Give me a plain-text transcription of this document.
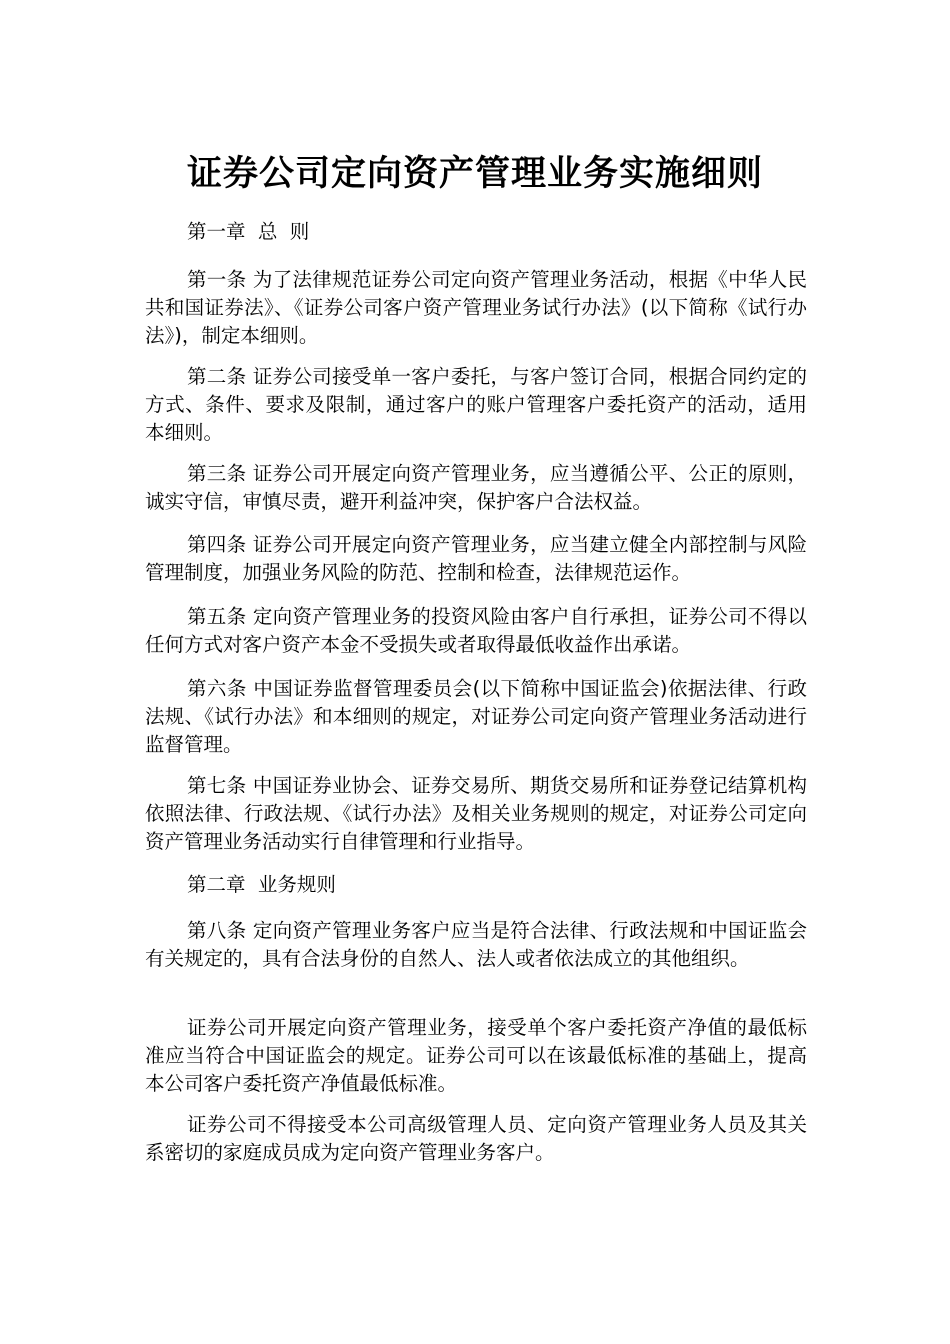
证券公司定向资产管理业务实施细则
第一章  总  则

第一条 为了法律规范证券公司定向资产管理业务活动，根据《中华人民共和国证券法》、《证券公司客户资产管理业务试行办法》(以下简称《试行办法》)，制定本细则。

第二条 证券公司接受单一客户委托，与客户签订合同，根据合同约定的方式、条件、要求及限制，通过客户的账户管理客户委托资产的活动，适用本细则。

第三条 证券公司开展定向资产管理业务，应当遵循公平、公正的原则，诚实守信，审慎尽责，避开利益冲突，保护客户合法权益。

第四条 证券公司开展定向资产管理业务，应当建立健全内部控制与风险管理制度，加强业务风险的防范、控制和检查，法律规范运作。

第五条 定向资产管理业务的投资风险由客户自行承担，证券公司不得以任何方式对客户资产本金不受损失或者取得最低收益作出承诺。

第六条 中国证券监督管理委员会(以下简称中国证监会)依据法律、行政法规、《试行办法》和本细则的规定，对证券公司定向资产管理业务活动进行监督管理。

第七条 中国证券业协会、证券交易所、期货交易所和证券登记结算机构依照法律、行政法规、《试行办法》及相关业务规则的规定，对证券公司定向资产管理业务活动实行自律管理和行业指导。

第二章  业务规则

第八条 定向资产管理业务客户应当是符合法律、行政法规和中国证监会有关规定的，具有合法身份的自然人、法人或者依法成立的其他组织。

证券公司开展定向资产管理业务，接受单个客户委托资产净值的最低标准应当符合中国证监会的规定。证券公司可以在该最低标准的基础上，提高本公司客户委托资产净值最低标准。

证券公司不得接受本公司高级管理人员、定向资产管理业务人员及其关系密切的家庭成员成为定向资产管理业务客户。
